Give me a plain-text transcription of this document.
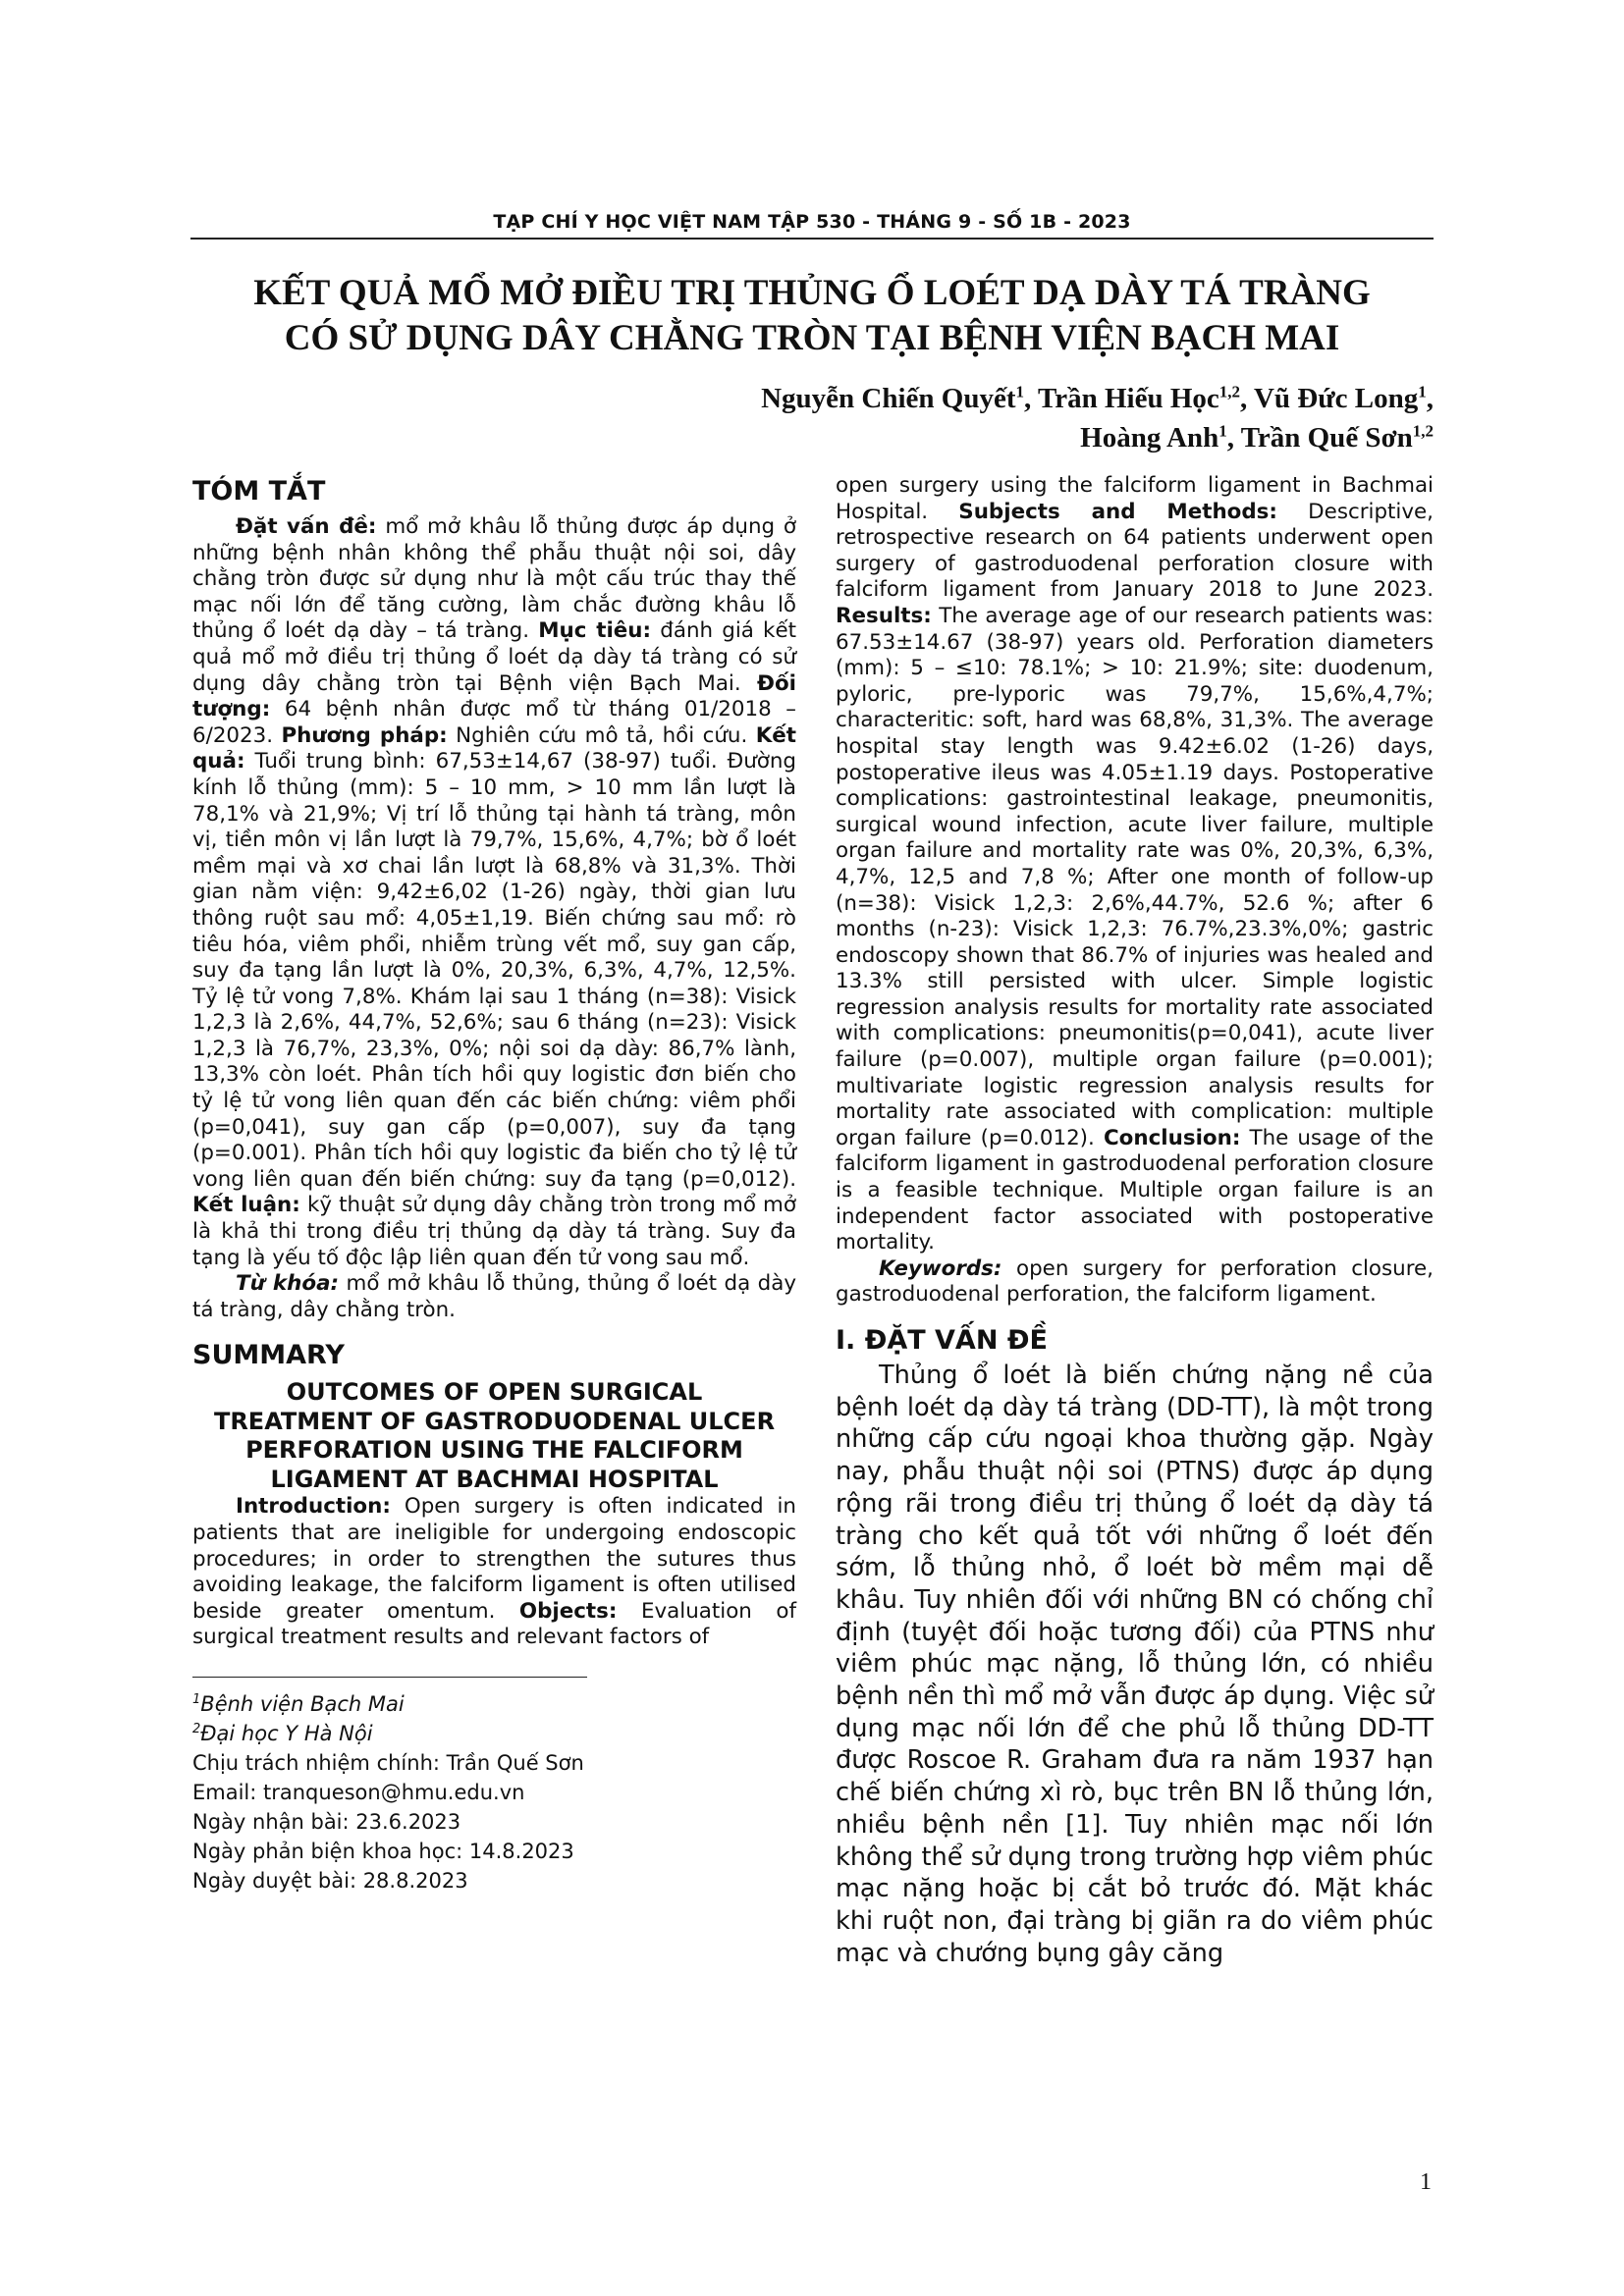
TẠP CHÍ Y HỌC VIỆT NAM TẬP 530 - THÁNG 9 - SỐ 1B - 2023
KẾT QUẢ MỔ MỞ ĐIỀU TRỊ THỦNG Ổ LOÉT DẠ DÀY TÁ TRÀNG
CÓ SỬ DỤNG DÂY CHẰNG TRÒN TẠI BỆNH VIỆN BẠCH MAI
Nguyễn Chiến Quyết$^1$, Trần Hiếu Học$^{1,2}$, Vũ Đức Long$^1$,
Hoàng Anh$^1$, Trần Quế Sơn$^{1,2}$
TÓM TẮT

Đặt vấn đề: mổ mở khâu lỗ thủng được áp dụng ở những bệnh nhân không thể phẫu thuật nội soi, dây chằng tròn được sử dụng như là một cấu trúc thay thế mạc nối lớn để tăng cường, làm chắc đường khâu lỗ thủng ổ loét dạ dày – tá tràng. Mục tiêu: đánh giá kết quả mổ mở điều trị thủng ổ loét dạ dày tá tràng có sử dụng dây chằng tròn tại Bệnh viện Bạch Mai. Đối tượng: 64 bệnh nhân được mổ từ tháng 01/2018 – 6/2023. Phương pháp: Nghiên cứu mô tả, hồi cứu. Kết quả: Tuổi trung bình: 67,53±14,67 (38-97) tuổi. Đường kính lỗ thủng (mm): 5 – 10 mm, > 10 mm lần lượt là 78,1% và 21,9%; Vị trí lỗ thủng tại hành tá tràng, môn vị, tiền môn vị lần lượt là 79,7%, 15,6%, 4,7%; bờ ổ loét mềm mại và xơ chai lần lượt là 68,8% và 31,3%. Thời gian nằm viện: 9,42±6,02 (1-26) ngày, thời gian lưu thông ruột sau mổ: 4,05±1,19. Biến chứng sau mổ: rò tiêu hóa, viêm phổi, nhiễm trùng vết mổ, suy gan cấp, suy đa tạng lần lượt là 0%, 20,3%, 6,3%, 4,7%, 12,5%. Tỷ lệ tử vong 7,8%. Khám lại sau 1 tháng (n=38): Visick 1,2,3 là 2,6%, 44,7%, 52,6%; sau 6 tháng (n=23): Visick 1,2,3 là 76,7%, 23,3%, 0%; nội soi dạ dày: 86,7% lành, 13,3% còn loét. Phân tích hồi quy logistic đơn biến cho tỷ lệ tử vong liên quan đến các biến chứng: viêm phổi (p=0,041), suy gan cấp (p=0,007), suy đa tạng (p=0.001). Phân tích hồi quy logistic đa biến cho tỷ lệ tử vong liên quan đến biến chứng: suy đa tạng (p=0,012). Kết luận: kỹ thuật sử dụng dây chằng tròn trong mổ mở là khả thi trong điều trị thủng dạ dày tá tràng. Suy đa tạng là yếu tố độc lập liên quan đến tử vong sau mổ.

Từ khóa: mổ mở khâu lỗ thủng, thủng ổ loét dạ dày tá tràng, dây chằng tròn.

SUMMARY
OUTCOMES OF OPEN SURGICAL
TREATMENT OF GASTRODUODENAL ULCER
PERFORATION USING THE FALCIFORM
LIGAMENT AT BACHMAI HOSPITAL

Introduction: Open surgery is often indicated in patients that are ineligible for undergoing endoscopic procedures; in order to strengthen the sutures thus avoiding leakage, the falciform ligament is often utilised beside greater omentum. Objects: Evaluation of surgical treatment results and relevant factors of

$^1$Bệnh viện Bạch Mai

$^2$Đại học Y Hà Nội

Chịu trách nhiệm chính: Trần Quế Sơn

Email: tranqueson@hmu.edu.vn

Ngày nhận bài: 23.6.2023

Ngày phản biện khoa học: 14.8.2023

Ngày duyệt bài: 28.8.2023

open surgery using the falciform ligament in Bachmai Hospital. Subjects and Methods: Descriptive, retrospective research on 64 patients underwent open surgery of gastroduodenal perforation closure with falciform ligament from January 2018 to June 2023. Results: The average age of our research patients was: 67.53±14.67 (38-97) years old. Perforation diameters (mm): 5 – ≤10: 78.1%; > 10: 21.9%; site: duodenum, pyloric, pre-lyporic was 79,7%, 15,6%,4,7%; characteritic: soft, hard was 68,8%, 31,3%. The average hospital stay length was 9.42±6.02 (1-26) days, postoperative ileus was 4.05±1.19 days. Postoperative complications: gastrointestinal leakage, pneumonitis, surgical wound infection, acute liver failure, multiple organ failure and mortality rate was 0%, 20,3%, 6,3%, 4,7%, 12,5 and 7,8 %; After one month of follow-up (n=38): Visick 1,2,3: 2,6%,44.7%, 52.6 %; after 6 months (n-23): Visick 1,2,3: 76.7%,23.3%,0%; gastric endoscopy shown that 86.7% of injuries was healed and 13.3% still persisted with ulcer. Simple logistic regression analysis results for mortality rate associated with complications: pneumonitis(p=0,041), acute liver failure (p=0.007), multiple organ failure (p=0.001); multivariate logistic regression analysis results for mortality rate associated with complication: multiple organ failure (p=0.012). Conclusion: The usage of the falciform ligament in gastroduodenal perforation closure is a feasible technique. Multiple organ failure is an independent factor associated with postoperative mortality.

Keywords: open surgery for perforation closure, gastroduodenal perforation, the falciform ligament.

I. ĐẶT VẤN ĐỀ

Thủng ổ loét là biến chứng nặng nề của bệnh loét dạ dày tá tràng (DD-TT), là một trong những cấp cứu ngoại khoa thường gặp. Ngày nay, phẫu thuật nội soi (PTNS) được áp dụng rộng rãi trong điều trị thủng ổ loét dạ dày tá tràng cho kết quả tốt với những ổ loét đến sớm, lỗ thủng nhỏ, ổ loét bờ mềm mại dễ khâu. Tuy nhiên đối với những BN có chống chỉ định (tuyệt đối hoặc tương đối) của PTNS như viêm phúc mạc nặng, lỗ thủng lớn, có nhiều bệnh nền thì mổ mở vẫn được áp dụng. Việc sử dụng mạc nối lớn để che phủ lỗ thủng DD-TT được Roscoe R. Graham đưa ra năm 1937 hạn chế biến chứng xì rò, bục trên BN lỗ thủng lớn, nhiều bệnh nền [1]. Tuy nhiên mạc nối lớn không thể sử dụng trong trường hợp viêm phúc mạc nặng hoặc bị cắt bỏ trước đó. Mặt khác khi ruột non, đại tràng bị giãn ra do viêm phúc mạc và chướng bụng gây căng

1
